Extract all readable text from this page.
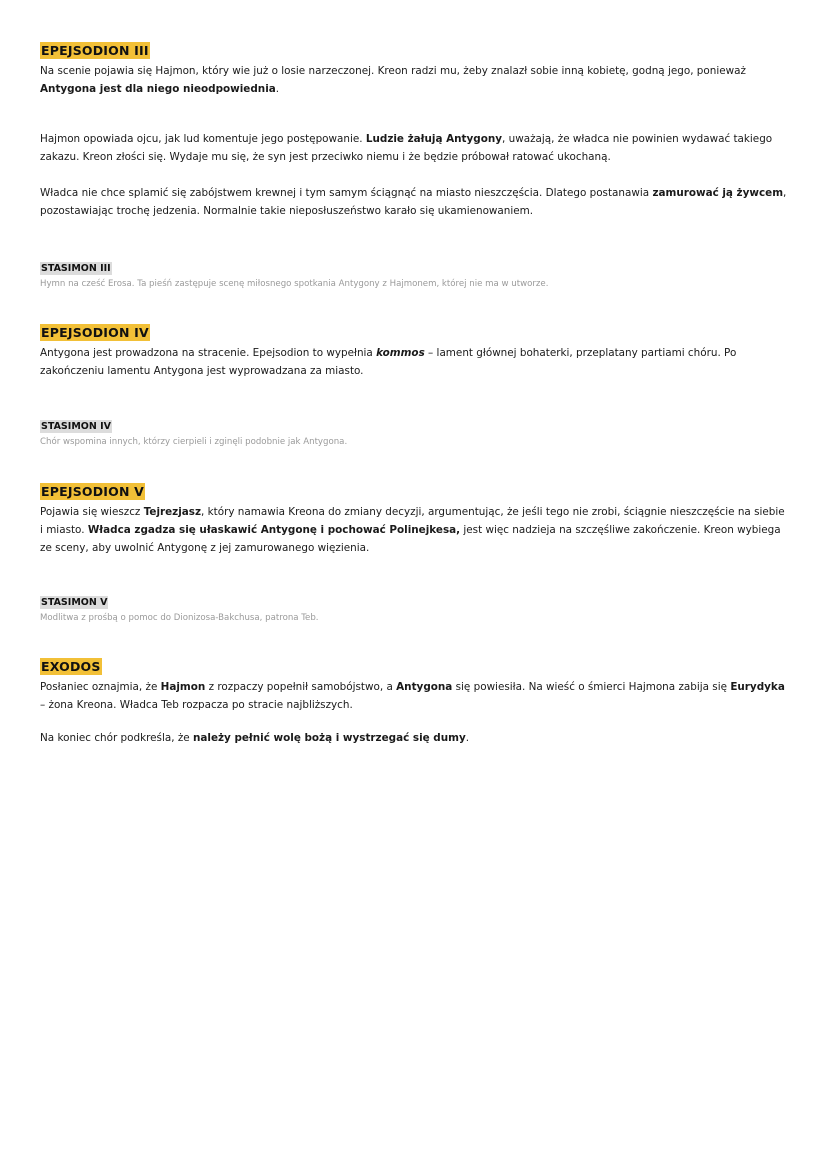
EPEJSODION III

Na scenie pojawia się Hajmon, który wie już o losie narzeczonej. Kreon radzi mu, żeby znalazł sobie inną kobietę, godną jego, ponieważ Antygona jest dla niego nieodpowiednia.

Hajmon opowiada ojcu, jak lud komentuje jego postępowanie. Ludzie żałują Antygony, uważają, że władca nie powinien wydawać takiego zakazu. Kreon złości się. Wydaje mu się, że syn jest przeciwko niemu i że będzie próbował ratować ukochaną.

Władca nie chce splamić się zabójstwem krewnej i tym samym ściągnąć na miasto nieszczęścia. Dlatego postanawia zamurować ją żywcem, pozostawiając trochę jedzenia. Normalnie takie nieposłuszeństwo karało się ukamienowaniem.

STASIMON III

Hymn na cześć Erosa. Ta pieśń zastępuje scenę miłosnego spotkania Antygony z Hajmonem, której nie ma w utworze.

EPEJSODION IV

Antygona jest prowadzona na stracenie. Epejsodion to wypełnia kommos – lament głównej bohaterki, przeplatany partiami chóru. Po zakończeniu lamentu Antygona jest wyprowadzana za miasto.

STASIMON IV

Chór wspomina innych, którzy cierpieli i zginęli podobnie jak Antygona.

EPEJSODION V

Pojawia się wieszcz Tejrezjasz, który namawia Kreona do zmiany decyzji, argumentując, że jeśli tego nie zrobi, ściągnie nieszczęście na siebie i miasto. Władca zgadza się ułaskawić Antygonę i pochować Polinejkesa, jest więc nadzieja na szczęśliwe zakończenie. Kreon wybiega ze sceny, aby uwolnić Antygonę z jej zamurowanego więzienia.

STASIMON V

Modlitwa z prośbą o pomoc do Dionizosa-Bakchusa, patrona Teb.

EXODOS

Posłaniec oznajmia, że Hajmon z rozpaczy popełnił samobójstwo, a Antygona się powiesiła. Na wieść o śmierci Hajmona zabija się Eurydyka – żona Kreona. Władca Teb rozpacza po stracie najbliższych.

Na koniec chór podkreśla, że należy pełnić wolę bożą i wystrzegać się dumy.
